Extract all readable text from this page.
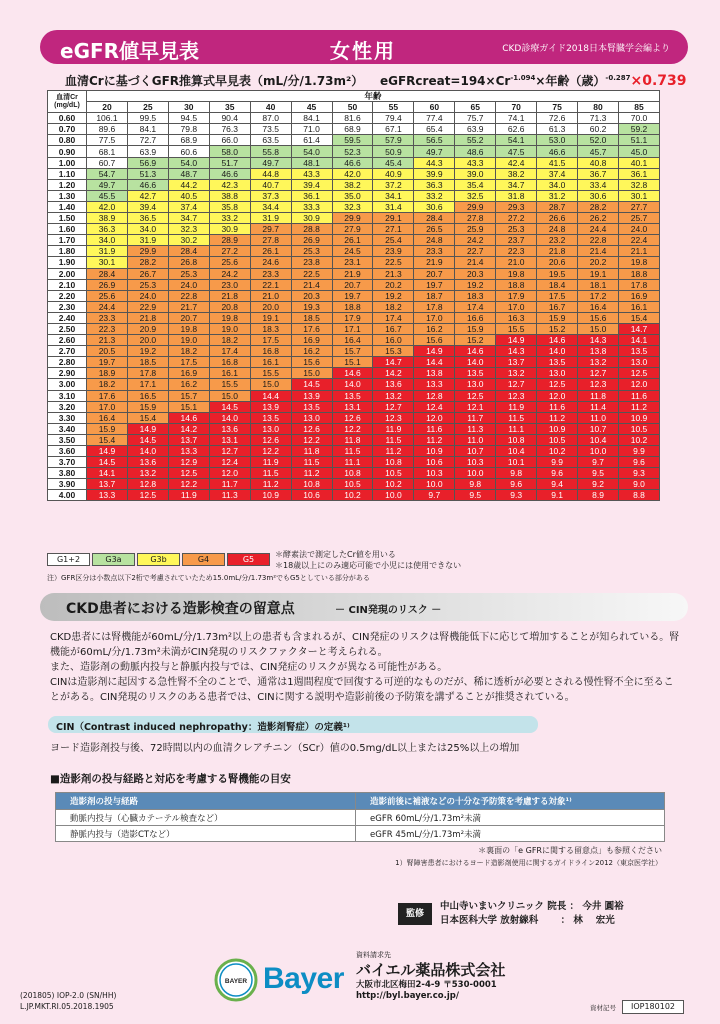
eGFR値早見表	女性用	CKD診療ガイド2018日本腎臓学会編より
血清Crに基づくGFR推算式早見表（mL/分/1.73m²） $eGFRcreat=194\times Cr^{-1.094}\times$年齢（歳）$^{-0.287}$×0.739
血清Cr (mg/dL)	年齢													
	20	25	30	35	40	45	50	55	60	65	70	75	80	85
0.60	106.1	99.5	94.5	90.4	87.0	84.1	81.6	79.4	77.4	75.7	74.1	72.6	71.3	70.0
0.70	89.6	84.1	79.8	76.3	73.5	71.0	68.9	67.1	65.4	63.9	62.6	61.3	60.2	59.2
0.80	77.5	72.7	68.9	66.0	63.5	61.4	59.5	57.9	56.5	55.2	54.1	53.0	52.0	51.1
0.90	68.1	63.9	60.6	58.0	55.8	54.0	52.3	50.9	49.7	48.6	47.5	46.6	45.7	45.0
1.00	60.7	56.9	54.0	51.7	49.7	48.1	46.6	45.4	44.3	43.3	42.4	41.5	40.8	40.1
1.10	54.7	51.3	48.7	46.6	44.8	43.3	42.0	40.9	39.9	39.0	38.2	37.4	36.7	36.1
1.20	49.7	46.6	44.2	42.3	40.7	39.4	38.2	37.2	36.3	35.4	34.7	34.0	33.4	32.8
1.30	45.5	42.7	40.5	38.8	37.3	36.1	35.0	34.1	33.2	32.5	31.8	31.2	30.6	30.1
1.40	42.0	39.4	37.4	35.8	34.4	33.3	32.3	31.4	30.6	29.9	29.3	28.7	28.2	27.7
1.50	38.9	36.5	34.7	33.2	31.9	30.9	29.9	29.1	28.4	27.8	27.2	26.6	26.2	25.7
1.60	36.3	34.0	32.3	30.9	29.7	28.8	27.9	27.1	26.5	25.9	25.3	24.8	24.4	24.0
1.70	34.0	31.9	30.2	28.9	27.8	26.9	26.1	25.4	24.8	24.2	23.7	23.2	22.8	22.4
1.80	31.9	29.9	28.4	27.2	26.1	25.3	24.5	23.9	23.3	22.7	22.3	21.8	21.4	21.1
1.90	30.1	28.2	26.8	25.6	24.6	23.8	23.1	22.5	21.9	21.4	21.0	20.6	20.2	19.8
2.00	28.4	26.7	25.3	24.2	23.3	22.5	21.9	21.3	20.7	20.3	19.8	19.5	19.1	18.8
2.10	26.9	25.3	24.0	23.0	22.1	21.4	20.7	20.2	19.7	19.2	18.8	18.4	18.1	17.8
2.20	25.6	24.0	22.8	21.8	21.0	20.3	19.7	19.2	18.7	18.3	17.9	17.5	17.2	16.9
2.30	24.4	22.9	21.7	20.8	20.0	19.3	18.8	18.2	17.8	17.4	17.0	16.7	16.4	16.1
2.40	23.3	21.8	20.7	19.8	19.1	18.5	17.9	17.4	17.0	16.6	16.3	15.9	15.6	15.4
2.50	22.3	20.9	19.8	19.0	18.3	17.6	17.1	16.7	16.2	15.9	15.5	15.2	15.0	14.7
2.60	21.3	20.0	19.0	18.2	17.5	16.9	16.4	16.0	15.6	15.2	14.9	14.6	14.3	14.1
2.70	20.5	19.2	18.2	17.4	16.8	16.2	15.7	15.3	14.9	14.6	14.3	14.0	13.8	13.5
2.80	19.7	18.5	17.5	16.8	16.1	15.6	15.1	14.7	14.4	14.0	13.7	13.5	13.2	13.0
2.90	18.9	17.8	16.9	16.1	15.5	15.0	14.6	14.2	13.8	13.5	13.2	13.0	12.7	12.5
3.00	18.2	17.1	16.2	15.5	15.0	14.5	14.0	13.6	13.3	13.0	12.7	12.5	12.3	12.0
3.10	17.6	16.5	15.7	15.0	14.4	13.9	13.5	13.2	12.8	12.5	12.3	12.0	11.8	11.6
3.20	17.0	15.9	15.1	14.5	13.9	13.5	13.1	12.7	12.4	12.1	11.9	11.6	11.4	11.2
3.30	16.4	15.4	14.6	14.0	13.5	13.0	12.6	12.3	12.0	11.7	11.5	11.2	11.0	10.9
3.40	15.9	14.9	14.2	13.6	13.0	12.6	12.2	11.9	11.6	11.3	11.1	10.9	10.7	10.5
3.50	15.4	14.5	13.7	13.1	12.6	12.2	11.8	11.5	11.2	11.0	10.8	10.5	10.4	10.2
3.60	14.9	14.0	13.3	12.7	12.2	11.8	11.5	11.2	10.9	10.7	10.4	10.2	10.0	9.9
3.70	14.5	13.6	12.9	12.4	11.9	11.5	11.1	10.8	10.6	10.3	10.1	9.9	9.7	9.6
3.80	14.1	13.2	12.5	12.0	11.5	11.2	10.8	10.5	10.3	10.0	9.8	9.6	9.5	9.3
3.90	13.7	12.8	12.2	11.7	11.2	10.8	10.5	10.2	10.0	9.8	9.6	9.4	9.2	9.0
4.00	13.3	12.5	11.9	11.3	10.9	10.6	10.2	10.0	9.7	9.5	9.3	9.1	8.9	8.8
G1+2	G3a	G3b	G4	G5
＊酵素法で測定したCr値を用いる
＊18歳以上にのみ適応可能で小児には使用できない
注）GFR区分は小数点以下2桁で考慮されていたため15.0mL/分/1.73m²でもG5としている部分がある
CKD患者における造影検査の留意点	－ CIN発現のリスク －

CKD患者には腎機能が60mL/分/1.73m²以上の患者も含まれるが、CIN発症のリスクは腎機能低下に応じて増加することが知られている。腎機能が60mL/分/1.73m²未満がCIN発現のリスクファクターと考えられる。

また、造影剤の動脈内投与と静脈内投与では、CIN発症のリスクが異なる可能性がある。

CINは造影剤に起因する急性腎不全のことで、通常は1週間程度で回復する可逆的なものだが、稀に透析が必要とされる慢性腎不全に至ることがある。CIN発現のリスクのある患者では、CINに関する説明や造影前後の予防策を講ずることが推奨されている。

CIN（Contrast induced nephropathy：造影剤腎症）の定義¹⁾
ヨード造影剤投与後、72時間以内の血清クレアチニン（SCr）値の0.5mg/dL以上または25%以上の増加
■造影剤の投与経路と対応を考慮する腎機能の目安
造影剤の投与経路	造影前後に補液などの十分な予防策を考慮する対象¹⁾
動脈内投与（心臓カテーテル検査など）	eGFR 60mL/分/1.73m²未満
静脈内投与（造影CTなど）	eGFR 45mL/分/1.73m²未満
＊裏面の「e GFRに関する留意点」も参照ください
1）腎障害患者におけるヨード造影剤使用に関するガイドライン2012（東京医学社）
監修
中山寺いまいクリニック 院長 ： 今井 圓裕
日本医科大学 放射線科　　 ： 林　 宏光
BAYER Bayer
資料請求先
バイエル薬品株式会社
大阪市北区梅田2-4-9 〒530-0001
http://byl.bayer.co.jp/
(201805) IOP-2.0 (SN/HH)
L.JP.MKT.RI.05.2018.1905	資材記号	IOP180102
